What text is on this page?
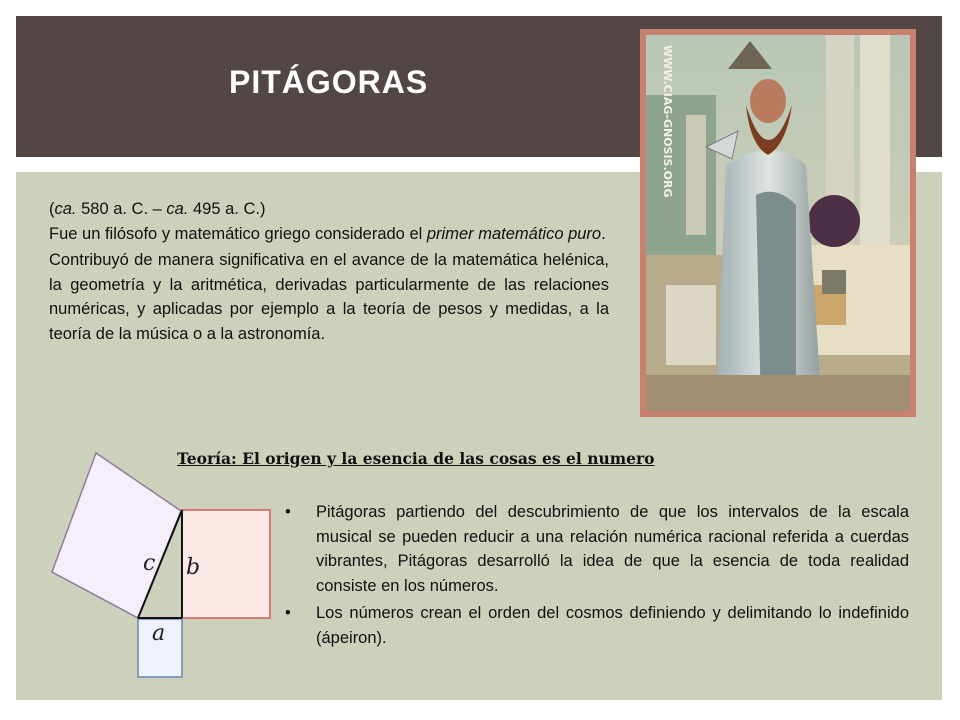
PITÁGORAS

(ca. 580 a. C. – ca. 495 a. C.)

Fue un filósofo y matemático griego considerado el primer matemático puro.

Contribuyó de manera significativa en el avance de la matemática helénica, la geometría y la aritmética, derivadas particularmente de las relaciones numéricas, y aplicadas por ejemplo a la teoría de pesos y medidas, a la teoría de la música o a la astronomía.

WWW.CIAG-GNOSIS.ORG
Teoría: El origen y la esencia de las cosas es el numero
c b
a
• Pitágoras partiendo del descubrimiento de que los intervalos de la escala musical se pueden reducir a una relación numérica racional referida a cuerdas vibrantes, Pitágoras desarrolló la idea de que la esencia de toda realidad consiste en los números.
• Los números crean el orden del cosmos definiendo y delimitando lo indefinido (ápeiron).
